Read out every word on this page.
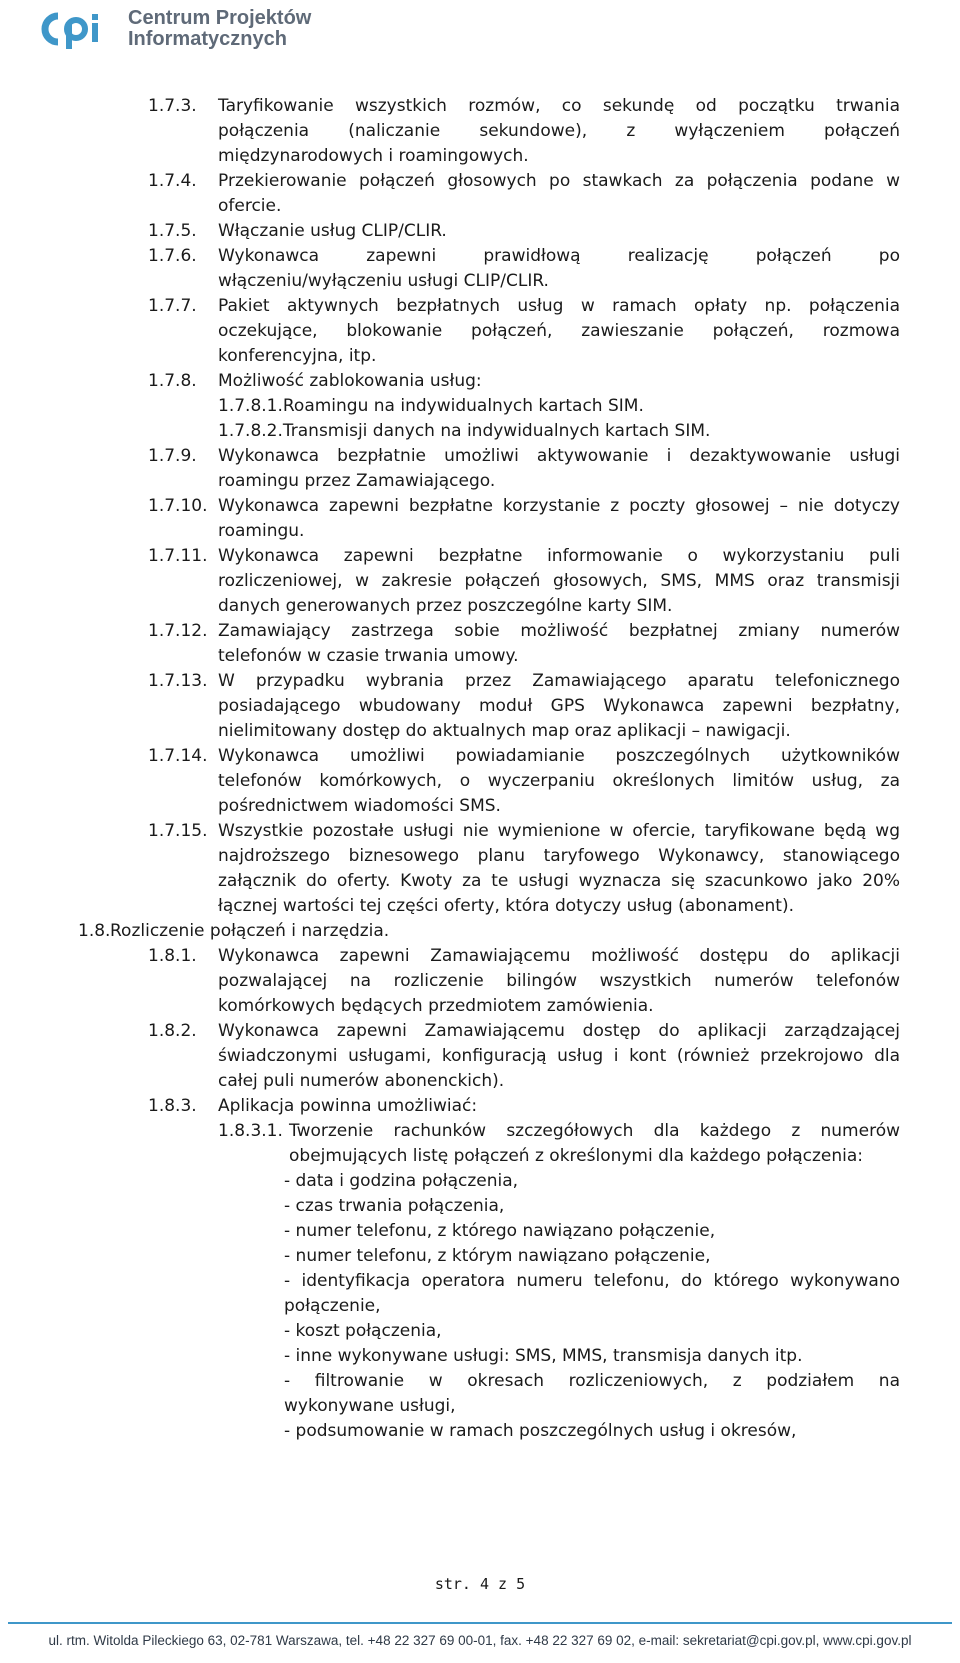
Centrum Projektów
Informatycznych
1.7.3. Taryfikowanie wszystkich rozmów, co sekundę od początku trwania
połączenia (naliczanie sekundowe), z wyłączeniem połączeń
międzynarodowych i roamingowych.
1.7.4. Przekierowanie połączeń głosowych po stawkach za połączenia podane w
ofercie.
1.7.5. Włączanie usług CLIP/CLIR.
1.7.6. Wykonawca zapewni prawidłową realizację połączeń po
włączeniu/wyłączeniu usługi CLIP/CLIR.
1.7.7. Pakiet aktywnych bezpłatnych usług w ramach opłaty np. połączenia
oczekujące, blokowanie połączeń, zawieszanie połączeń, rozmowa
konferencyjna, itp.
1.7.8. Możliwość zablokowania usług:
1.7.8.1.Roamingu na indywidualnych kartach SIM.
1.7.8.2.Transmisji danych na indywidualnych kartach SIM.
1.7.9. Wykonawca bezpłatnie umożliwi aktywowanie i dezaktywowanie usługi
roamingu przez Zamawiającego.
1.7.10. Wykonawca zapewni bezpłatne korzystanie z poczty głosowej – nie dotyczy
roamingu.
1.7.11. Wykonawca zapewni bezpłatne informowanie o wykorzystaniu puli
rozliczeniowej, w zakresie połączeń głosowych, SMS, MMS oraz transmisji
danych generowanych przez poszczególne karty SIM.
1.7.12. Zamawiający zastrzega sobie możliwość bezpłatnej zmiany numerów
telefonów w czasie trwania umowy.
1.7.13. W przypadku wybrania przez Zamawiającego aparatu telefonicznego
posiadającego wbudowany moduł GPS Wykonawca zapewni bezpłatny,
nielimitowany dostęp do aktualnych map oraz aplikacji – nawigacji.
1.7.14. Wykonawca umożliwi powiadamianie poszczególnych użytkowników
telefonów komórkowych, o wyczerpaniu określonych limitów usług, za
pośrednictwem wiadomości SMS.
1.7.15. Wszystkie pozostałe usługi nie wymienione w ofercie, taryfikowane będą wg
najdroższego biznesowego planu taryfowego Wykonawcy, stanowiącego
załącznik do oferty. Kwoty za te usługi wyznacza się szacunkowo jako 20%
łącznej wartości tej części oferty, która dotyczy usług (abonament).
1.8. Rozliczenie połączeń i narzędzia.
1.8.1. Wykonawca zapewni Zamawiającemu możliwość dostępu do aplikacji
pozwalającej na rozliczenie bilingów wszystkich numerów telefonów
komórkowych będących przedmiotem zamówienia.
1.8.2. Wykonawca zapewni Zamawiającemu dostęp do aplikacji zarządzającej
świadczonymi usługami, konfiguracją usług i kont (również przekrojowo dla
całej puli numerów abonenckich).
1.8.3. Aplikacja powinna umożliwiać:
1.8.3.1. Tworzenie rachunków szczegółowych dla każdego z numerów
obejmujących listę połączeń z określonymi dla każdego połączenia:
- data i godzina połączenia,
- czas trwania połączenia,
- numer telefonu, z którego nawiązano połączenie,
- numer telefonu, z którym nawiązano połączenie,
- identyfikacja operatora numeru telefonu, do którego wykonywano
połączenie,
- koszt połączenia,
- inne wykonywane usługi: SMS, MMS, transmisja danych itp.
- filtrowanie w okresach rozliczeniowych, z podziałem na
wykonywane usługi,
- podsumowanie w ramach poszczególnych usług i okresów,
str. 4 z 5
ul. rtm. Witolda Pileckiego 63, 02-781 Warszawa, tel. +48 22 327 69 00-01, fax. +48 22 327 69 02, e-mail: sekretariat@cpi.gov.pl, www.cpi.gov.pl
